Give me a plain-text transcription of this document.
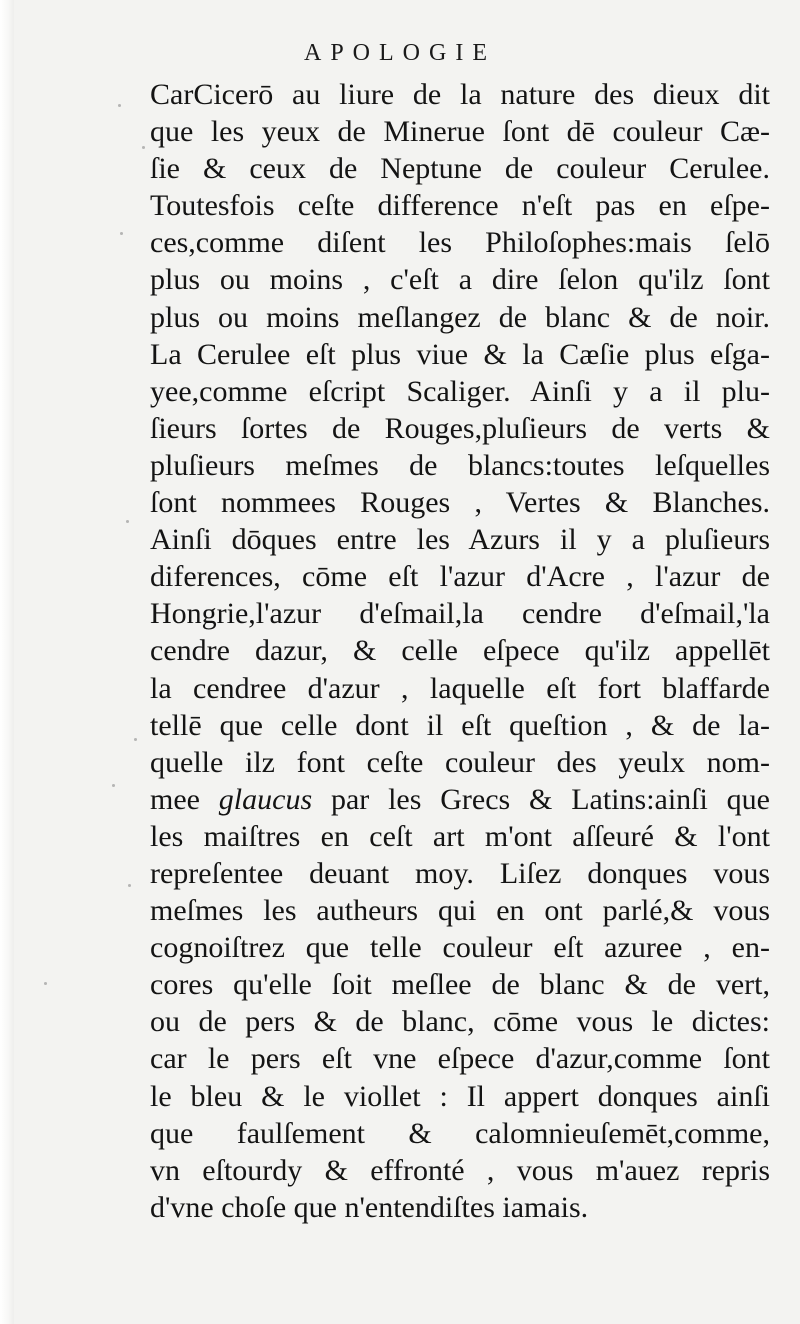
APOLOGIE
CarCicerō au liure de la nature des dieux dit
que les yeux de Minerue ſont dē couleur Cæ-
ſie & ceux de Neptune de couleur Cerulee.
Toutesfois ceſte difference n'eſt pas en eſpe-
ces,comme diſent les Philoſophes:mais ſelō
plus ou moins , c'eſt a dire ſelon qu'ilz ſont
plus ou moins meſlangez de blanc & de noir.
La Cerulee eſt plus viue & la Cæſie plus eſga-
yee,comme eſcript Scaliger. Ainſi y a il plu-
ſieurs ſortes de Rouges,pluſieurs de verts &
pluſieurs meſmes de blancs:toutes leſquelles
ſont nommees Rouges , Vertes & Blanches.
Ainſi dōques entre les Azurs il y a pluſieurs
diferences, cōme eſt l'azur d'Acre , l'azur de
Hongrie,l'azur d'eſmail,la cendre d'eſmail,'la
cendre dazur, & celle eſpece qu'ilz appellēt
la cendree d'azur , laquelle eſt fort blaffarde
tellē que celle dont il eſt queſtion , & de la-
quelle ilz font ceſte couleur des yeulx nom-
mee glaucus par les Grecs & Latins:ainſi que
les maiſtres en ceſt art m'ont aſſeuré & l'ont
repreſentee deuant moy. Liſez donques vous
meſmes les autheurs qui en ont parlé,& vous
cognoiſtrez que telle couleur eſt azuree , en-
cores qu'elle ſoit meſlee de blanc & de vert,
ou de pers & de blanc, cōme vous le dictes:
car le pers eſt vne eſpece d'azur,comme ſont
le bleu & le viollet : Il appert donques ainſi
que faulſement & calomnieuſemēt,comme,
vn eſtourdy & effronté , vous m'auez repris
d'vne choſe que n'entendiſtes iamais.
